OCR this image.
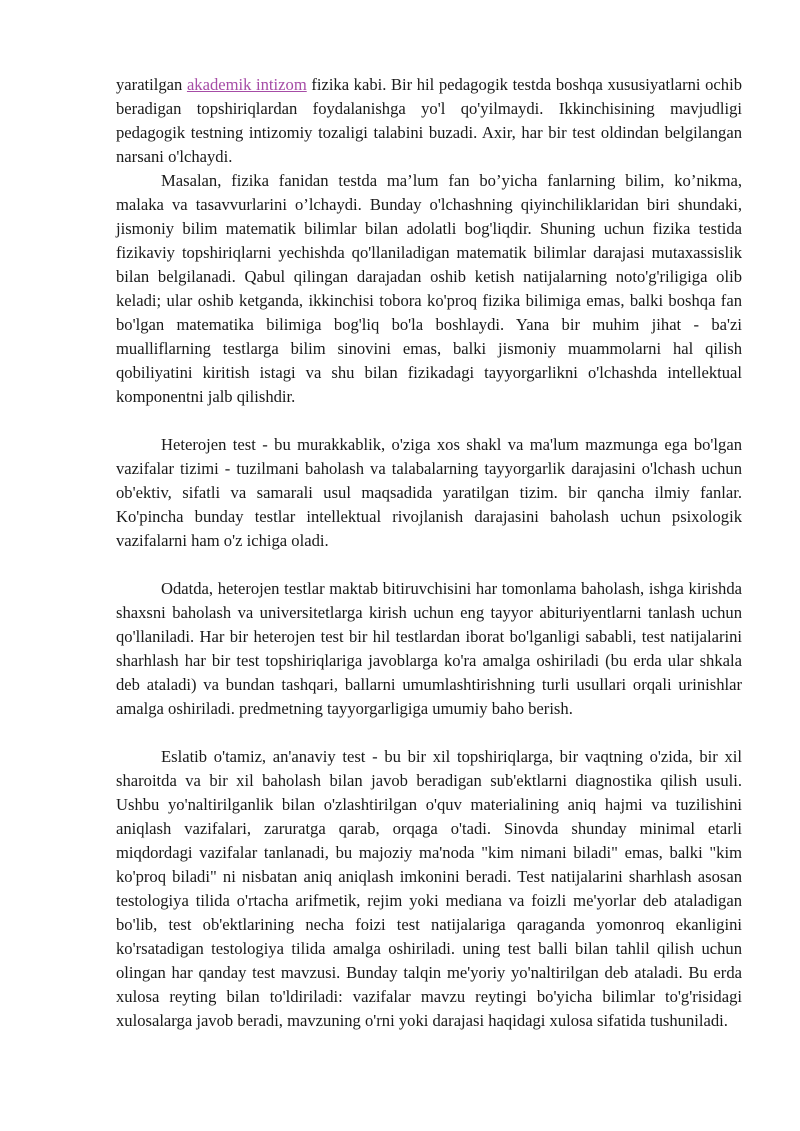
yaratilgan akademik intizom fizika kabi. Bir hil pedagogik testda boshqa xususiyatlarni ochib beradigan topshiriqlardan foydalanishga yo'l qo'yilmaydi. Ikkinchisining mavjudligi pedagogik testning intizomiy tozaligi talabini buzadi. Axir, har bir test oldindan belgilangan narsani o'lchaydi.

Masalan, fizika fanidan testda ma’lum fan bo’yicha fanlarning bilim, ko’nikma, malaka va tasavvurlarini o’lchaydi. Bunday o'lchashning qiyinchiliklaridan biri shundaki, jismoniy bilim matematik bilimlar bilan adolatli bog'liqdir. Shuning uchun fizika testida fizikaviy topshiriqlarni yechishda qo'llaniladigan matematik bilimlar darajasi mutaxassislik bilan belgilanadi. Qabul qilingan darajadan oshib ketish natijalarning noto'g'riligiga olib keladi; ular oshib ketganda, ikkinchisi tobora ko'proq fizika bilimiga emas, balki boshqa fan bo'lgan matematika bilimiga bog'liq bo'la boshlaydi. Yana bir muhim jihat - ba'zi mualliflarning testlarga bilim sinovini emas, balki jismoniy muammolarni hal qilish qobiliyatini kiritish istagi va shu bilan fizikadagi tayyorgarlikni o'lchashda intellektual komponentni jalb qilishdir.

Heterojen test - bu murakkablik, o'ziga xos shakl va ma'lum mazmunga ega bo'lgan vazifalar tizimi - tuzilmani baholash va talabalarning tayyorgarlik darajasini o'lchash uchun ob'ektiv, sifatli va samarali usul maqsadida yaratilgan tizim. bir qancha ilmiy fanlar. Ko'pincha bunday testlar intellektual rivojlanish darajasini baholash uchun psixologik vazifalarni ham o'z ichiga oladi.

Odatda, heterojen testlar maktab bitiruvchisini har tomonlama baholash, ishga kirishda shaxsni baholash va universitetlarga kirish uchun eng tayyor abituriyentlarni tanlash uchun qo'llaniladi. Har bir heterojen test bir hil testlardan iborat bo'lganligi sababli, test natijalarini sharhlash har bir test topshiriqlariga javoblarga ko'ra amalga oshiriladi (bu erda ular shkala deb ataladi) va bundan tashqari, ballarni umumlashtirishning turli usullari orqali urinishlar amalga oshiriladi. predmetning tayyorgarligiga umumiy baho berish.

Eslatib o'tamiz, an'anaviy test - bu bir xil topshiriqlarga, bir vaqtning o'zida, bir xil sharoitda va bir xil baholash bilan javob beradigan sub'ektlarni diagnostika qilish usuli. Ushbu yo'naltirilganlik bilan o'zlashtirilgan o'quv materialining aniq hajmi va tuzilishini aniqlash vazifalari, zaruratga qarab, orqaga o'tadi. Sinovda shunday minimal etarli miqdordagi vazifalar tanlanadi, bu majoziy ma'noda "kim nimani biladi" emas, balki "kim ko'proq biladi" ni nisbatan aniq aniqlash imkonini beradi. Test natijalarini sharhlash asosan testologiya tilida o'rtacha arifmetik, rejim yoki mediana va foizli me'yorlar deb ataladigan bo'lib, test ob'ektlarining necha foizi test natijalariga qaraganda yomonroq ekanligini ko'rsatadigan testologiya tilida amalga oshiriladi. uning test balli bilan tahlil qilish uchun olingan har qanday test mavzusi. Bunday talqin me'yoriy yo'naltirilgan deb ataladi. Bu erda xulosa reyting bilan to'ldiriladi: vazifalar mavzu reytingi bo'yicha bilimlar to'g'risidagi xulosalarga javob beradi, mavzuning o'rni yoki darajasi haqidagi xulosa sifatida tushuniladi.
